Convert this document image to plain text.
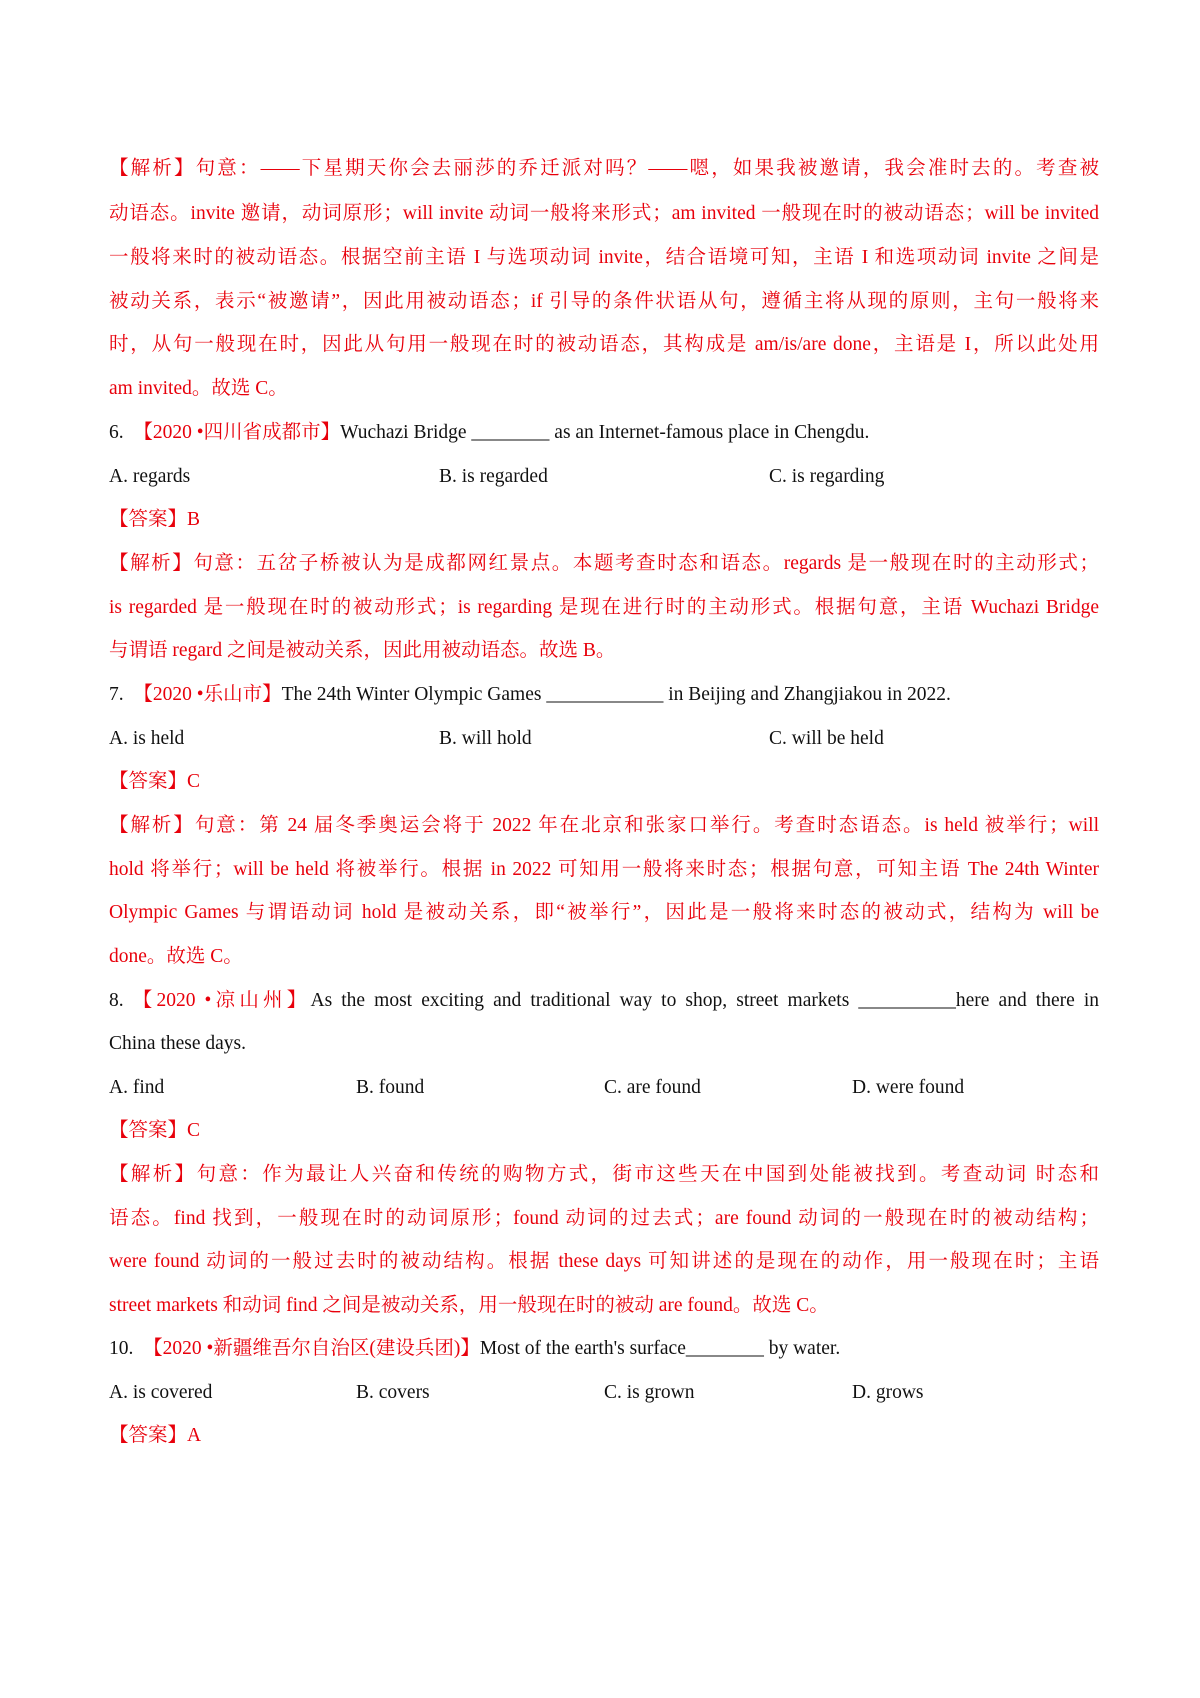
【解析】句意：——下星期天你会去丽莎的乔迁派对吗？——嗯，如果我被邀请，我会准时去的。考查被
动语态。invite 邀请，动词原形；will invite 动词一般将来形式；am invited 一般现在时的被动语态；will be invited
一般将来时的被动语态。根据空前主语 I 与选项动词 invite，结合语境可知，主语 I 和选项动词 invite 之间是
被动关系，表示“被邀请”，因此用被动语态；if 引导的条件状语从句，遵循主将从现的原则，主句一般将来
时，从句一般现在时，因此从句用一般现在时的被动语态，其构成是 am/is/are done，主语是 I，所以此处用
am invited。故选 C。
6. 【2020 •四川省成都市】Wuchazi Bridge ________ as an Internet-famous place in Chengdu.
A. regards	B. is regarded	C. is regarding
【答案】B
【解析】句意：五岔子桥被认为是成都网红景点。本题考查时态和语态。regards 是一般现在时的主动形式；
is regarded 是一般现在时的被动形式；is regarding 是现在进行时的主动形式。根据句意，主语 Wuchazi Bridge
与谓语 regard 之间是被动关系，因此用被动语态。故选 B。
7. 【2020 •乐山市】The 24th Winter Olympic Games ____________ in Beijing and Zhangjiakou in 2022.
A. is held	B. will hold	C. will be held
【答案】C
【解析】句意：第 24 届冬季奥运会将于 2022 年在北京和张家口举行。考查时态语态。is held 被举行；will
hold 将举行；will be held 将被举行。根据 in 2022 可知用一般将来时态；根据句意，可知主语 The 24th Winter
Olympic Games 与谓语动词 hold 是被动关系，即“被举行”，因此是一般将来时态的被动式，结构为 will be
done。故选 C。
8. 【2020 •凉山州】As the most exciting and traditional way to shop, street markets __________here and there in
China these days.
A. find	B. found	C. are found	D. were found
【答案】C
【解析】句意：作为最让人兴奋和传统的购物方式，街市这些天在中国到处能被找到。考查动词 时态和
语态。find 找到，一般现在时的动词原形；found 动词的过去式；are found 动词的一般现在时的被动结构；
were found 动词的一般过去时的被动结构。根据 these days 可知讲述的是现在的动作，用一般现在时；主语
street markets 和动词 find 之间是被动关系，用一般现在时的被动 are found。故选 C。
10. 【2020 •新疆维吾尔自治区(建设兵团)】Most of the earth's surface________ by water.
A. is covered	B. covers	C. is grown	D. grows
【答案】A
